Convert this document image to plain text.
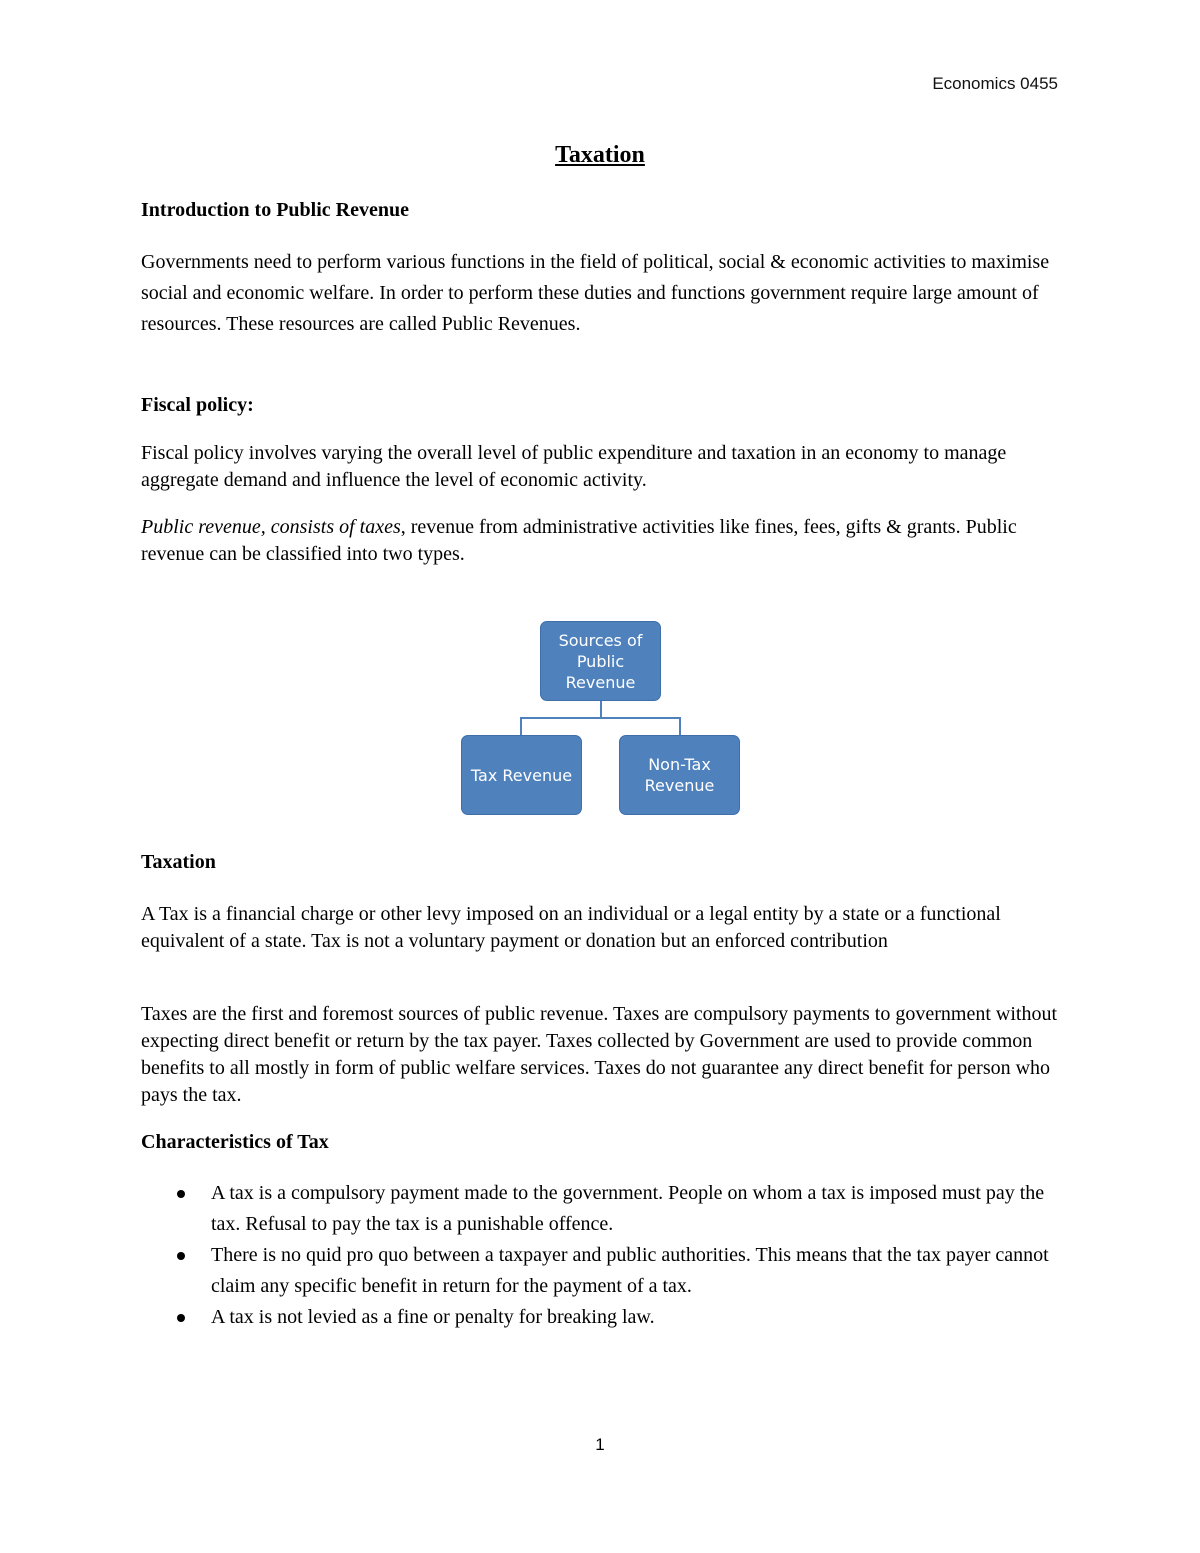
Economics 0455
Taxation

Introduction to Public Revenue

Governments need to perform various functions in the field of political, social & economic activities to maximise social and economic welfare. In order to perform these duties and functions government require large amount of resources. These resources are called Public Revenues.

Fiscal policy:

Fiscal policy involves varying the overall level of public expenditure and taxation in an economy to manage aggregate demand and influence the level of economic activity.

Public revenue, consists of taxes, revenue from administrative activities like fines, fees, gifts & grants. Public revenue can be classified into two types.

Sources of Public Revenue
Tax Revenue
Non-Tax Revenue

Taxation

A Tax is a financial charge or other levy imposed on an individual or a legal entity by a state or a functional equivalent of a state. Tax is not a voluntary payment or donation but an enforced contribution

Taxes are the first and foremost sources of public revenue. Taxes are compulsory payments to government without expecting direct benefit or return by the tax payer. Taxes collected by Government are used to provide common benefits to all mostly in form of public welfare services. Taxes do not guarantee any direct benefit for person who pays the tax.

Characteristics of Tax

A tax is a compulsory payment made to the government. People on whom a tax is imposed must pay the tax. Refusal to pay the tax is a punishable offence.
There is no quid pro quo between a taxpayer and public authorities. This means that the tax payer cannot claim any specific benefit in return for the payment of a tax.
A tax is not levied as a fine or penalty for breaking law.
1
